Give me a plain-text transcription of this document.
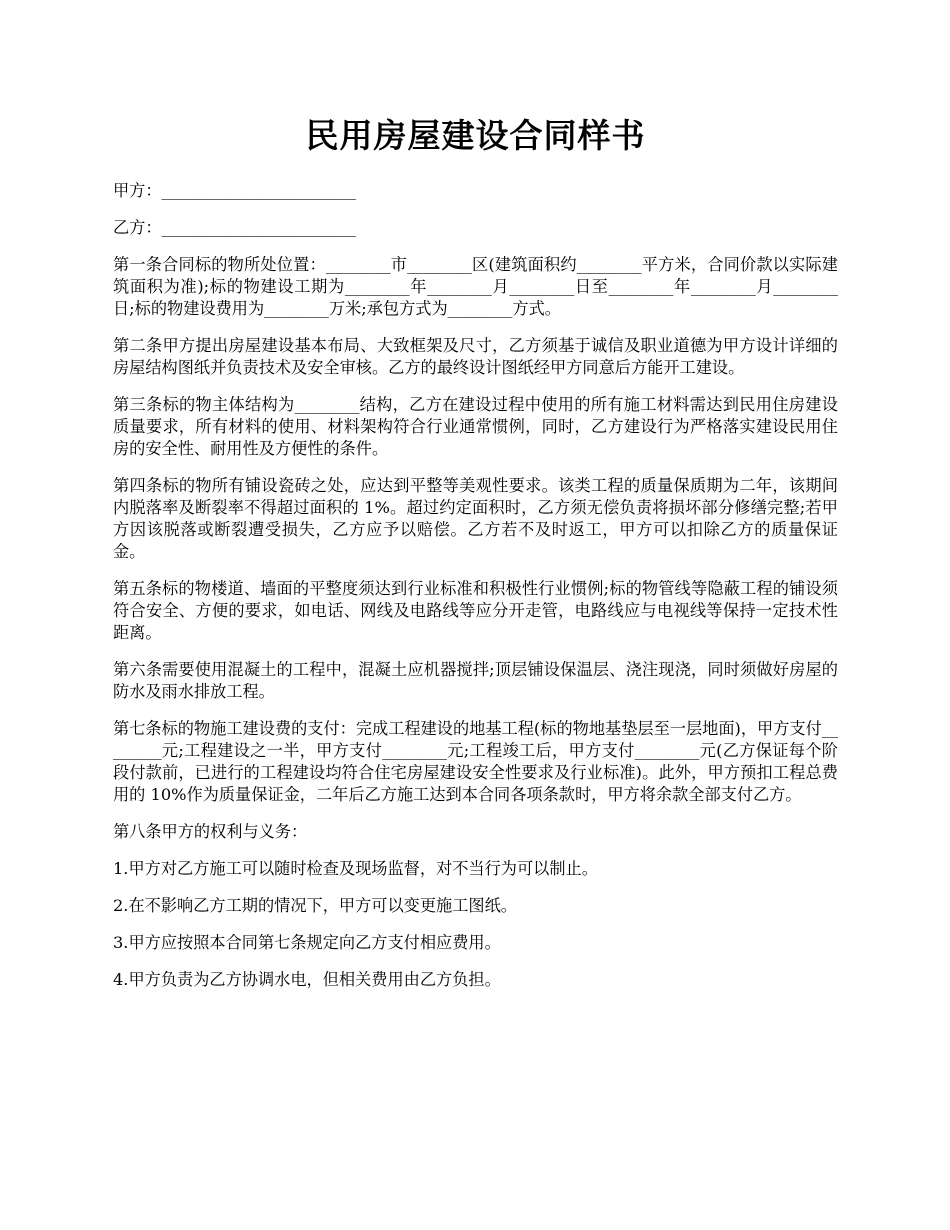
民用房屋建设合同样书

甲方：________________________

乙方：________________________

第一条合同标的物所处位置：________市________区(建筑面积约________平方米，合同价款以实际建筑面积为准);标的物建设工期为________年________月________日至________年________月________日;标的物建设费用为________万米;承包方式为________方式。

第二条甲方提出房屋建设基本布局、大致框架及尺寸，乙方须基于诚信及职业道德为甲方设计详细的房屋结构图纸并负责技术及安全审核。乙方的最终设计图纸经甲方同意后方能开工建设。

第三条标的物主体结构为________结构，乙方在建设过程中使用的所有施工材料需达到民用住房建设质量要求，所有材料的使用、材料架构符合行业通常惯例，同时，乙方建设行为严格落实建设民用住房的安全性、耐用性及方便性的条件。

第四条标的物所有铺设瓷砖之处，应达到平整等美观性要求。该类工程的质量保质期为二年，该期间内脱落率及断裂率不得超过面积的 1%。超过约定面积时，乙方须无偿负责将损坏部分修缮完整;若甲方因该脱落或断裂遭受损失，乙方应予以赔偿。乙方若不及时返工，甲方可以扣除乙方的质量保证金。

第五条标的物楼道、墙面的平整度须达到行业标准和积极性行业惯例;标的物管线等隐蔽工程的铺设须符合安全、方便的要求，如电话、网线及电路线等应分开走管，电路线应与电视线等保持一定技术性距离。

第六条需要使用混凝土的工程中，混凝土应机器搅拌;顶层铺设保温层、浇注现浇，同时须做好房屋的防水及雨水排放工程。

第七条标的物施工建设费的支付：完成工程建设的地基工程(标的物地基垫层至一层地面)，甲方支付________元;工程建设之一半，甲方支付________元;工程竣工后，甲方支付________元(乙方保证每个阶段付款前，已进行的工程建设均符合住宅房屋建设安全性要求及行业标准)。此外，甲方预扣工程总费用的 10%作为质量保证金，二年后乙方施工达到本合同各项条款时，甲方将余款全部支付乙方。

第八条甲方的权利与义务：

1.甲方对乙方施工可以随时检查及现场监督，对不当行为可以制止。

2.在不影响乙方工期的情况下，甲方可以变更施工图纸。

3.甲方应按照本合同第七条规定向乙方支付相应费用。

4.甲方负责为乙方协调水电，但相关费用由乙方负担。
